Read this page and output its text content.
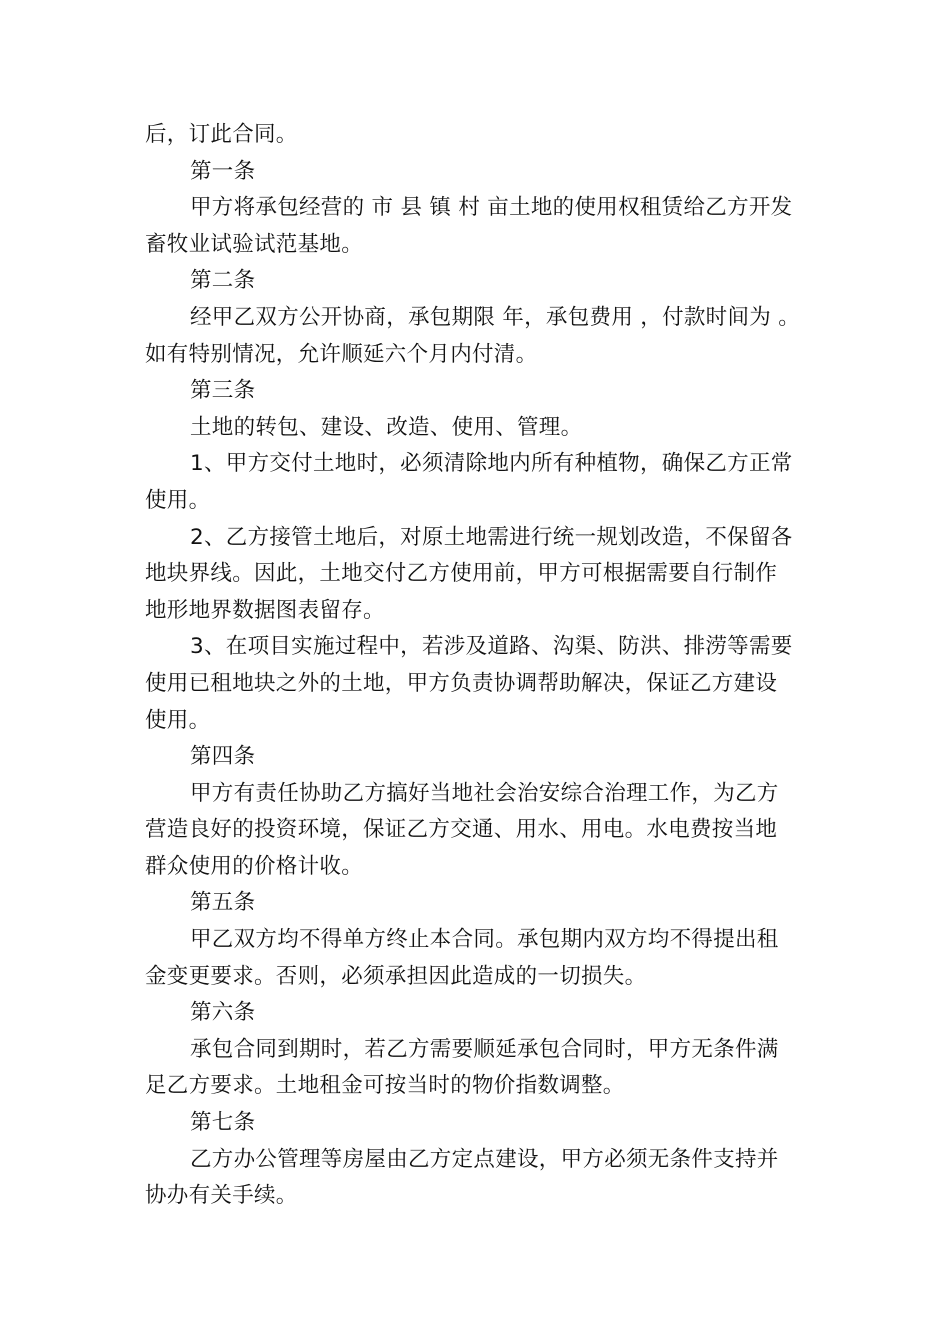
后，订此合同。
第一条
甲方将承包经营的 市 县 镇 村 亩土地的使用权租赁给乙方开发
畜牧业试验试范基地。
第二条
经甲乙双方公开协商，承包期限 年，承包费用 ，付款时间为 。
如有特别情况，允许顺延六个月内付清。
第三条
土地的转包、建设、改造、使用、管理。
1、甲方交付土地时，必须清除地内所有种植物，确保乙方正常
使用。
2、乙方接管土地后，对原土地需进行统一规划改造，不保留各
地块界线。因此，土地交付乙方使用前，甲方可根据需要自行制作
地形地界数据图表留存。
3、在项目实施过程中，若涉及道路、沟渠、防洪、排涝等需要
使用已租地块之外的土地，甲方负责协调帮助解决，保证乙方建设
使用。
第四条
甲方有责任协助乙方搞好当地社会治安综合治理工作，为乙方
营造良好的投资环境，保证乙方交通、用水、用电。水电费按当地
群众使用的价格计收。
第五条
甲乙双方均不得单方终止本合同。承包期内双方均不得提出租
金变更要求。否则，必须承担因此造成的一切损失。
第六条
承包合同到期时，若乙方需要顺延承包合同时，甲方无条件满
足乙方要求。土地租金可按当时的物价指数调整。
第七条
乙方办公管理等房屋由乙方定点建设，甲方必须无条件支持并
协办有关手续。
